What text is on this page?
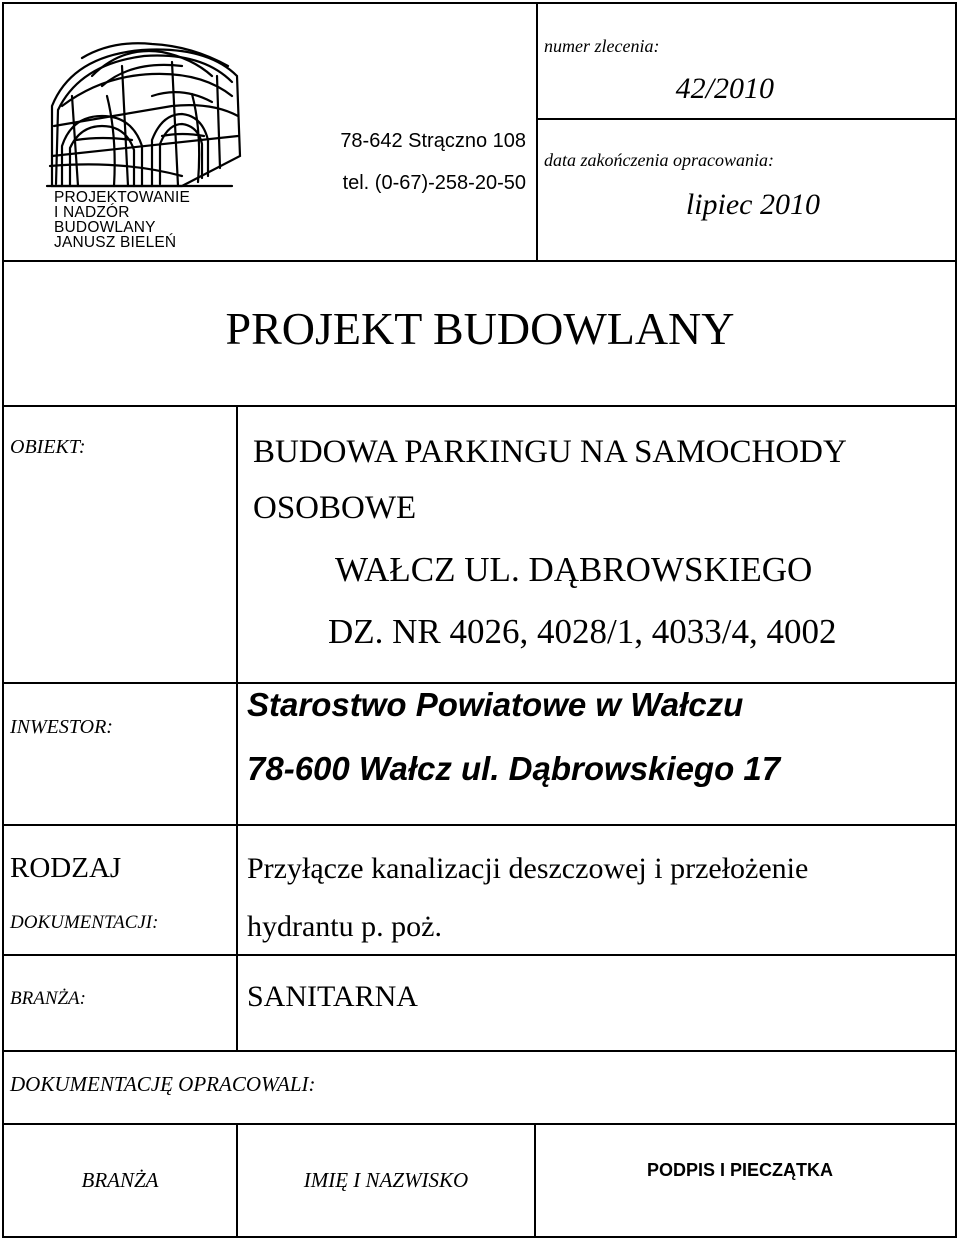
PROJEKTOWANIE
I NADZÓR
BUDOWLANY
JANUSZ BIELEŃ
78-642 Strączno 108
tel. (0-67)-258-20-50
numer zlecenia:
42/2010
data zakończenia opracowania:
lipiec 2010
PROJEKT BUDOWLANY
OBIEKT:	BUDOWA PARKINGU NA SAMOCHODY
OSOBOWE
WAŁCZ UL. DĄBROWSKIEGO
DZ. NR 4026, 4028/1, 4033/4, 4002
INWESTOR:
Starostwo Powiatowe w Wałczu
78-600 Wałcz ul. Dąbrowskiego 17
RODZAJ
DOKUMENTACJI:
Przyłącze kanalizacji deszczowej i przełożenie
hydrantu p. poż.
BRANŻA:	SANITARNA
DOKUMENTACJĘ OPRACOWALI:
BRANŻA	IMIĘ I NAZWISKO	PODPIS I PIECZĄTKA
